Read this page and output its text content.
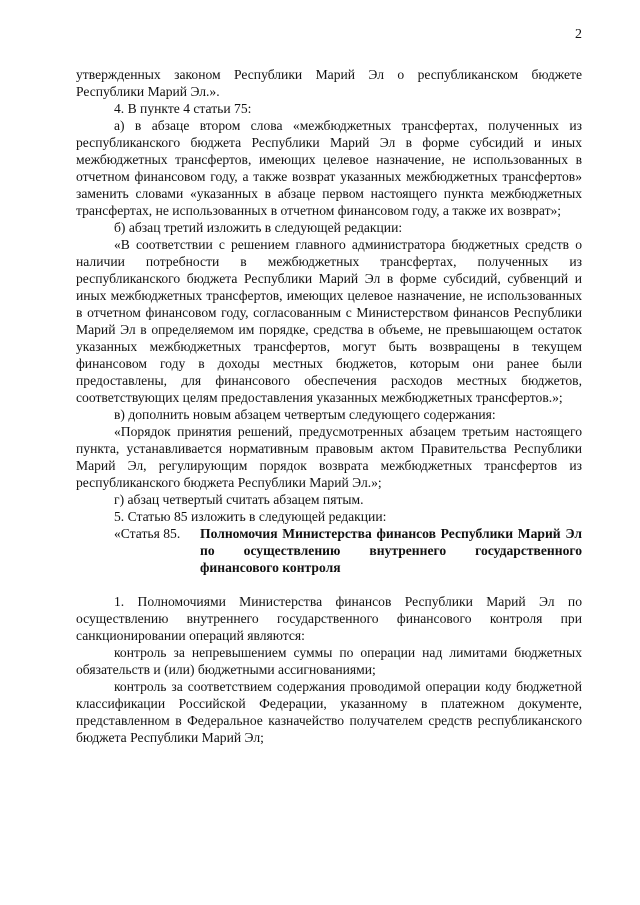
2

утвержденных законом Республики Марий Эл о республиканском бюджете Республики Марий Эл.».

4. В пункте 4 статьи 75:

а) в абзаце втором слова «межбюджетных трансфертах, полученных из республиканского бюджета Республики Марий Эл в форме субсидий и иных межбюджетных трансфертов, имеющих целевое назначение, не использованных в отчетном финансовом году, а также возврат указанных межбюджетных трансфертов» заменить словами «указанных в абзаце первом настоящего пункта межбюджетных трансфертах, не использованных в отчетном финансовом году, а также их возврат»;

б) абзац третий изложить в следующей редакции:

«В соответствии с решением главного администратора бюджетных средств о наличии потребности в межбюджетных трансфертах, полученных из республиканского бюджета Республики Марий Эл в форме субсидий, субвенций и иных межбюджетных трансфертов, имеющих целевое назначение, не использованных в отчетном финансовом году, согласованным с Министерством финансов Республики Марий Эл в определяемом им порядке, средства в объеме, не превышающем остаток указанных межбюджетных трансфертов, могут быть возвращены в текущем финансовом году в доходы местных бюджетов, которым они ранее были предоставлены, для финансового обеспечения расходов местных бюджетов, соответствующих целям предоставления указанных межбюджетных трансфертов.»;

в) дополнить новым абзацем четвертым следующего содержания:

«Порядок принятия решений, предусмотренных абзацем третьим настоящего пункта, устанавливается нормативным правовым актом Правительства Республики Марий Эл, регулирующим порядок возврата межбюджетных трансфертов из республиканского бюджета Республики Марий Эл.»;

г) абзац четвертый считать абзацем пятым.

5. Статью 85 изложить в следующей редакции:

«Статья 85.	Полномочия Министерства финансов Республики Марий Эл по осуществлению внутреннего государственного финансового контроля

1. Полномочиями Министерства финансов Республики Марий Эл по осуществлению внутреннего государственного финансового контроля при санкционировании операций являются:

контроль за непревышением суммы по операции над лимитами бюджетных обязательств и (или) бюджетными ассигнованиями;

контроль за соответствием содержания проводимой операции коду бюджетной классификации Российской Федерации, указанному в платежном документе, представленном в Федеральное казначейство получателем средств республиканского бюджета Республики Марий Эл;
